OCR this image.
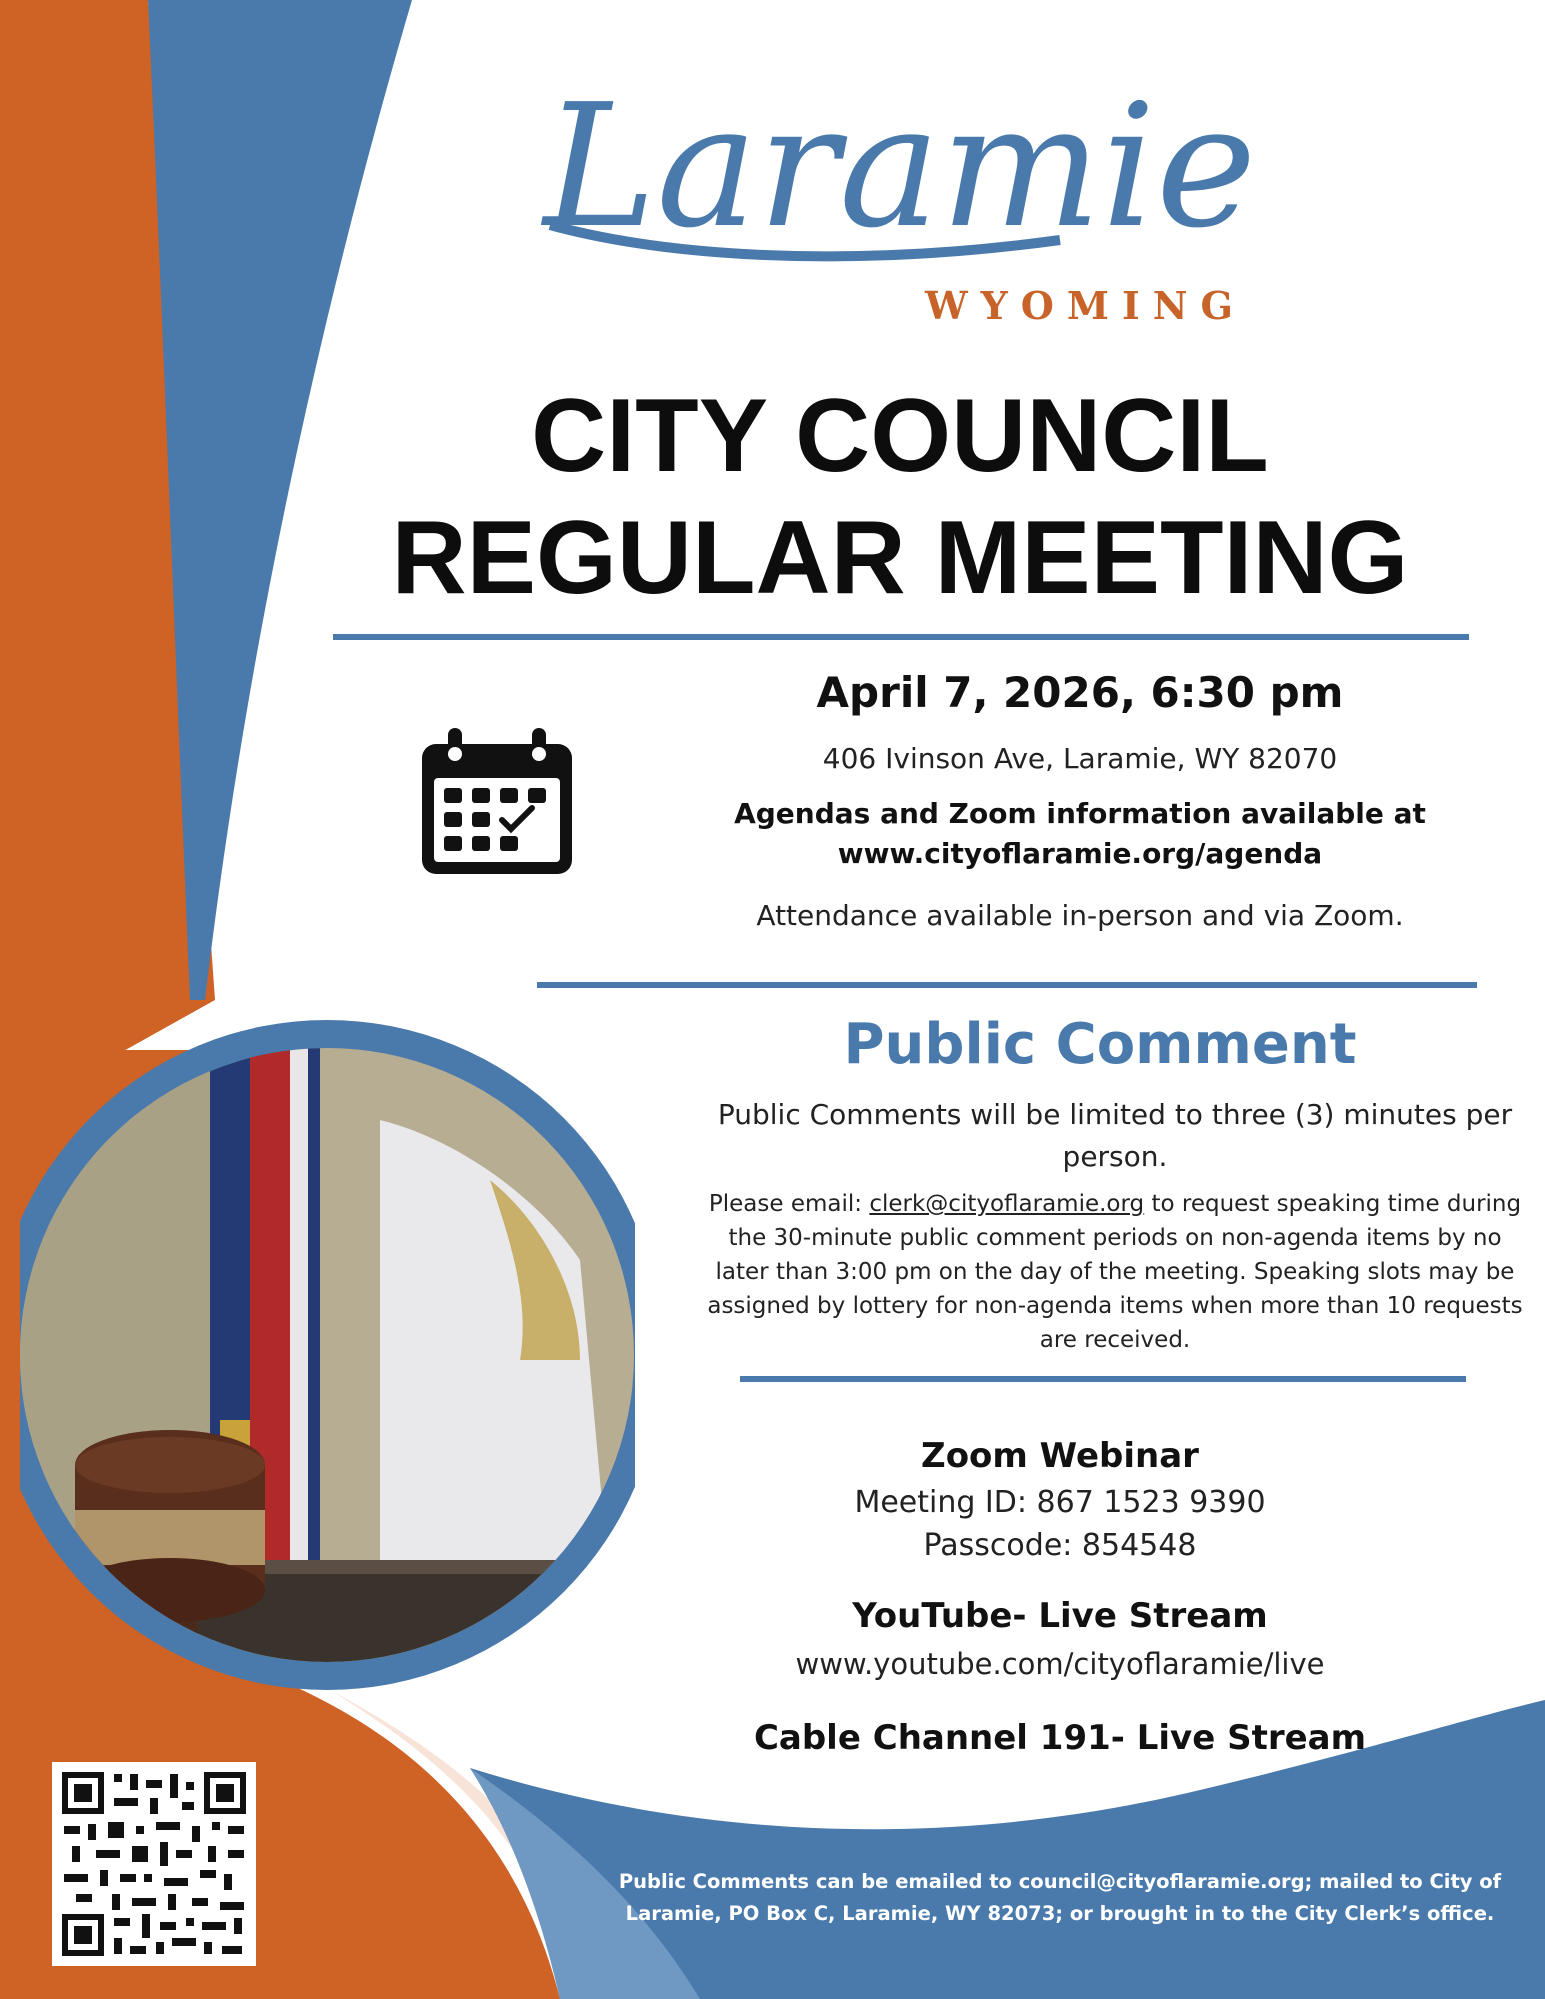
Laramie
WYOMING
CITY COUNCIL
REGULAR MEETING
April 7, 2026, 6:30 pm
406 Ivinson Ave, Laramie, WY 82070
Agendas and Zoom information available at
www.cityoflaramie.org/agenda
Attendance available in-person and via Zoom.
Public Comment
Public Comments will be limited to three (3) minutes per person.
Please email: clerk@cityoflaramie.org to request speaking time during the 30-minute public comment periods on non-agenda items by no later than 3:00 pm on the day of the meeting. Speaking slots may be assigned by lottery for non-agenda items when more than 10 requests are received.
Zoom Webinar
Meeting ID: 867 1523 9390
Passcode: 854548
YouTube- Live Stream
www.youtube.com/cityoflaramie/live
Cable Channel 191- Live Stream
Public Comments can be emailed to council@cityoflaramie.org; mailed to City of
Laramie, PO Box C, Laramie, WY 82073; or brought in to the City Clerk’s office.
